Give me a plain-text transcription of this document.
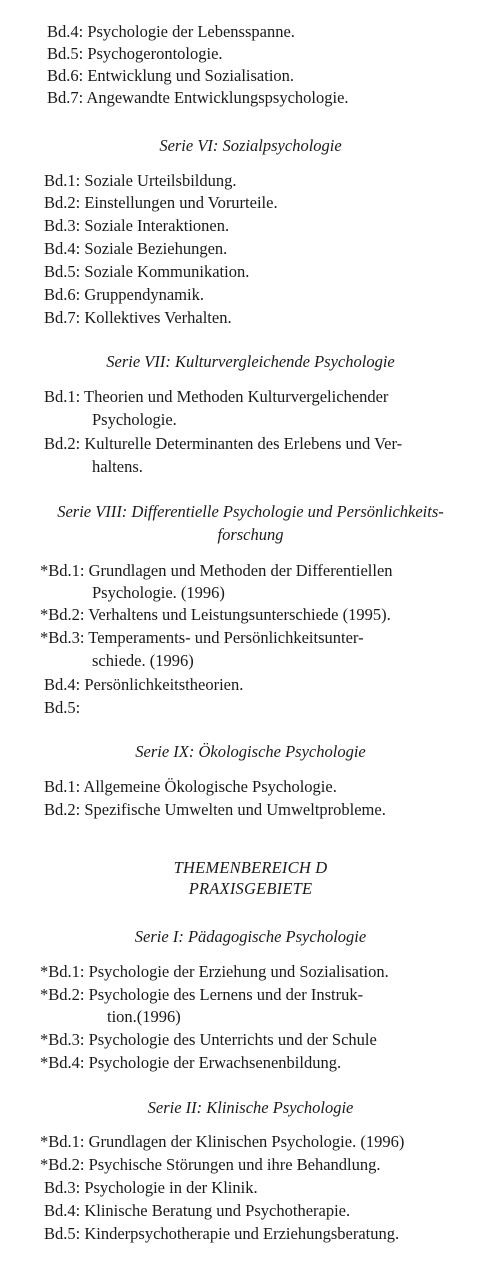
Bd.4: Psychologie der Lebensspanne.
Bd.5: Psychogerontologie.
Bd.6: Entwicklung und Sozialisation.
Bd.7: Angewandte Entwicklungspsychologie.
Serie VI: Sozialpsychologie
Bd.1: Soziale Urteilsbildung.
Bd.2: Einstellungen und Vorurteile.
Bd.3: Soziale Interaktionen.
Bd.4: Soziale Beziehungen.
Bd.5: Soziale Kommunikation.
Bd.6: Gruppendynamik.
Bd.7: Kollektives Verhalten.
Serie VII: Kulturvergleichende Psychologie
Bd.1: Theorien und Methoden Kulturvergelichender
Psychologie.
Bd.2: Kulturelle Determinanten des Erlebens und Ver-
haltens.
Serie VIII: Differentielle Psychologie und Persönlichkeits-
forschung
*Bd.1: Grundlagen und Methoden der Differentiellen
Psychologie. (1996)
*Bd.2: Verhaltens und Leistungsunterschiede (1995).
*Bd.3: Temperaments- und Persönlichkeitsunter-
schiede. (1996)
Bd.4: Persönlichkeitstheorien.
Bd.5:
Serie IX: Ökologische Psychologie
Bd.1: Allgemeine Ökologische Psychologie.
Bd.2: Spezifische Umwelten und Umweltprobleme.
THEMENBEREICH D
PRAXISGEBIETE
Serie I: Pädagogische Psychologie
*Bd.1: Psychologie der Erziehung und Sozialisation.
*Bd.2: Psychologie des Lernens und der Instruk-
tion.(1996)
*Bd.3: Psychologie des Unterrichts und der Schule
*Bd.4: Psychologie der Erwachsenenbildung.
Serie II: Klinische Psychologie
*Bd.1: Grundlagen der Klinischen Psychologie. (1996)
*Bd.2: Psychische Störungen und ihre Behandlung.
Bd.3: Psychologie in der Klinik.
Bd.4: Klinische Beratung und Psychotherapie.
Bd.5: Kinderpsychotherapie und Erziehungsberatung.
